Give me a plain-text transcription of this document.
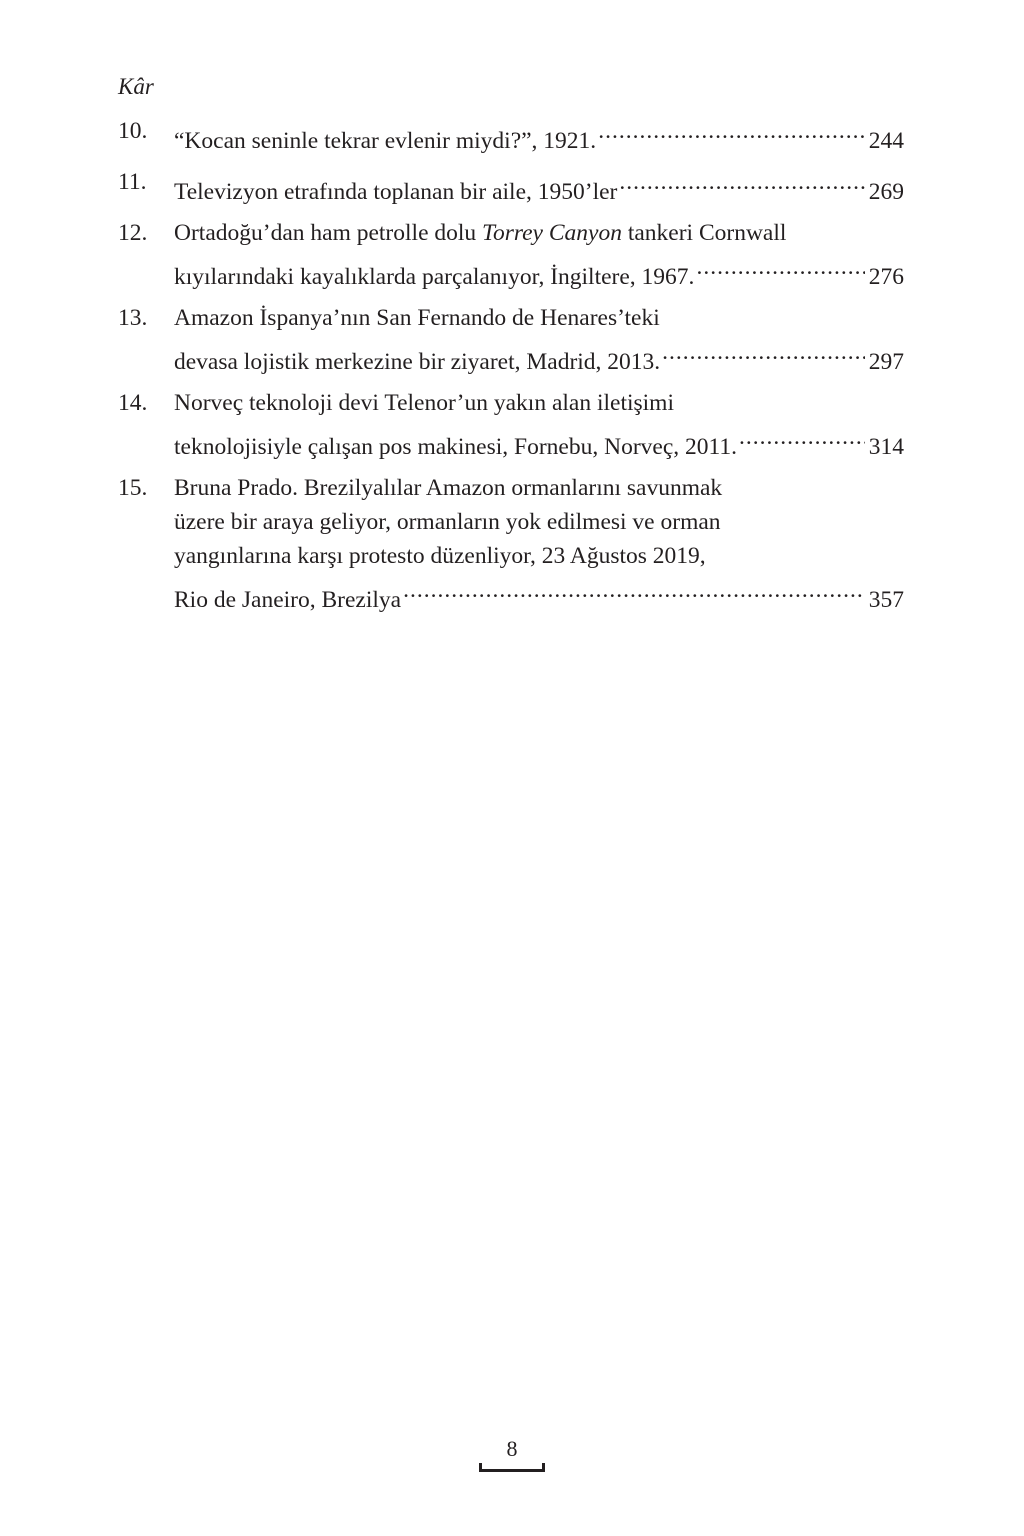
Kâr
10. “Kocan seninle tekrar evlenir miydi?”, 1921. .....	244
11. Televizyon etrafında toplanan bir aile, 1950’ler .....	269
12. Ortadoğu’dan ham petrolle dolu Torrey Canyon tankeri Cornwall
kıyılarındaki kayalıklarda parçalanıyor, İngiltere, 1967. .....	276
13. Amazon İspanya’nın San Fernando de Henares’teki
devasa lojistik merkezine bir ziyaret, Madrid, 2013. .....	297
14. Norveç teknoloji devi Telenor’un yakın alan iletişimi
teknolojisiyle çalışan pos makinesi, Fornebu, Norveç, 2011. .....	314
15. Bruna Prado. Brezilyalılar Amazon ormanlarını savunmak
üzere bir araya geliyor, ormanların yok edilmesi ve orman
yangınlarına karşı protesto düzenliyor, 23 Ağustos 2019,
Rio de Janeiro, Brezilya .....	357
8
